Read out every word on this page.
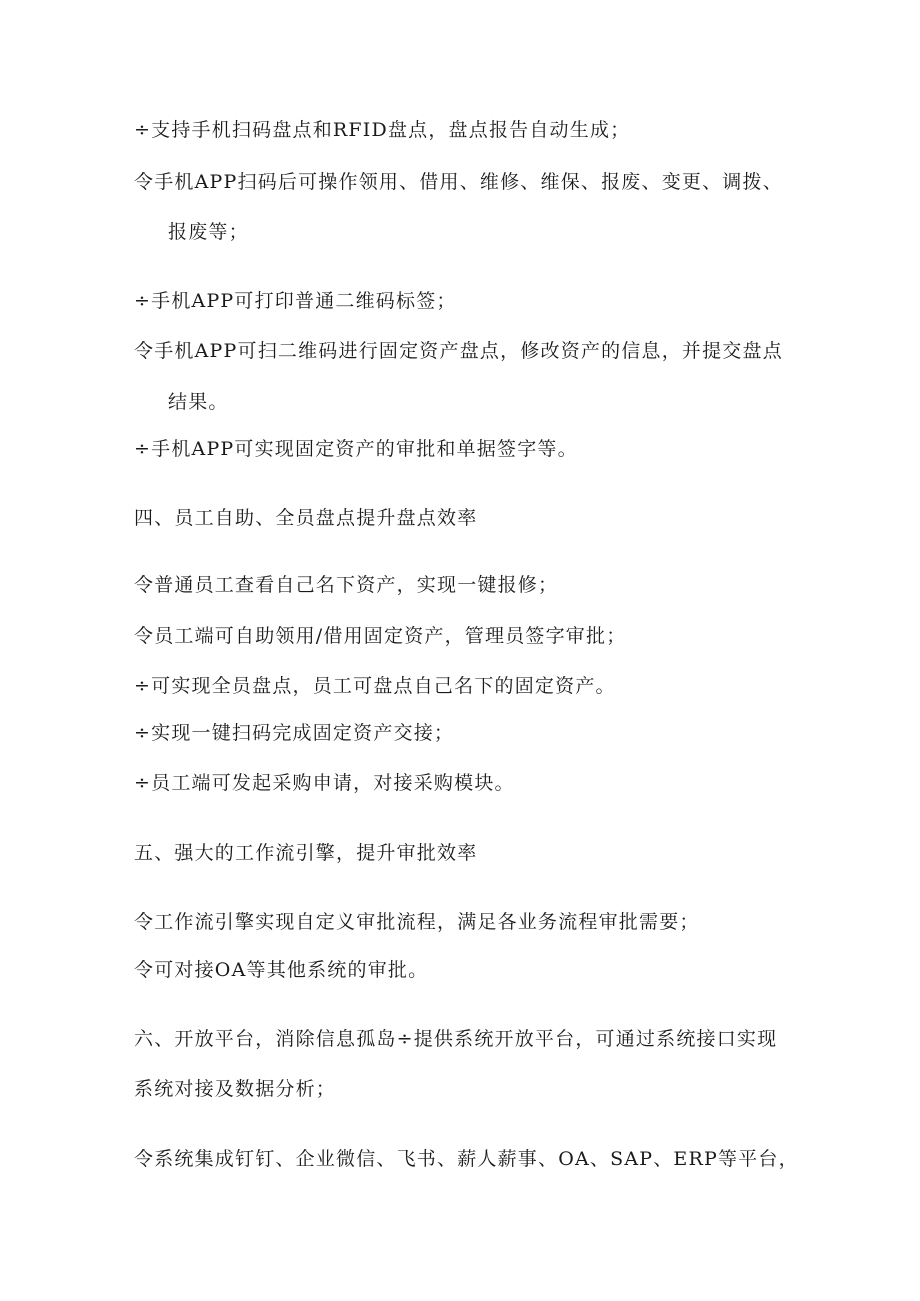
÷支持手机扫码盘点和RFID盘点，盘点报告自动生成；
令手机APP扫码后可操作领用、借用、维修、维保、报废、变更、调拨、
报废等；
÷手机APP可打印普通二维码标签；
令手机APP可扫二维码进行固定资产盘点，修改资产的信息，并提交盘点
结果。
÷手机APP可实现固定资产的审批和单据签字等。
四、员工自助、全员盘点提升盘点效率
令普通员工查看自己名下资产，实现一键报修；
令员工端可自助领用/借用固定资产，管理员签字审批；
÷可实现全员盘点，员工可盘点自己名下的固定资产。
÷实现一键扫码完成固定资产交接；
÷员工端可发起采购申请，对接采购模块。
五、强大的工作流引擎，提升审批效率
令工作流引擎实现自定义审批流程，满足各业务流程审批需要；
令可对接OA等其他系统的审批。
六、开放平台，消除信息孤岛÷提供系统开放平台，可通过系统接口实现
系统对接及数据分析；
令系统集成钉钉、企业微信、飞书、薪人薪事、OA、SAP、ERP等平台，
